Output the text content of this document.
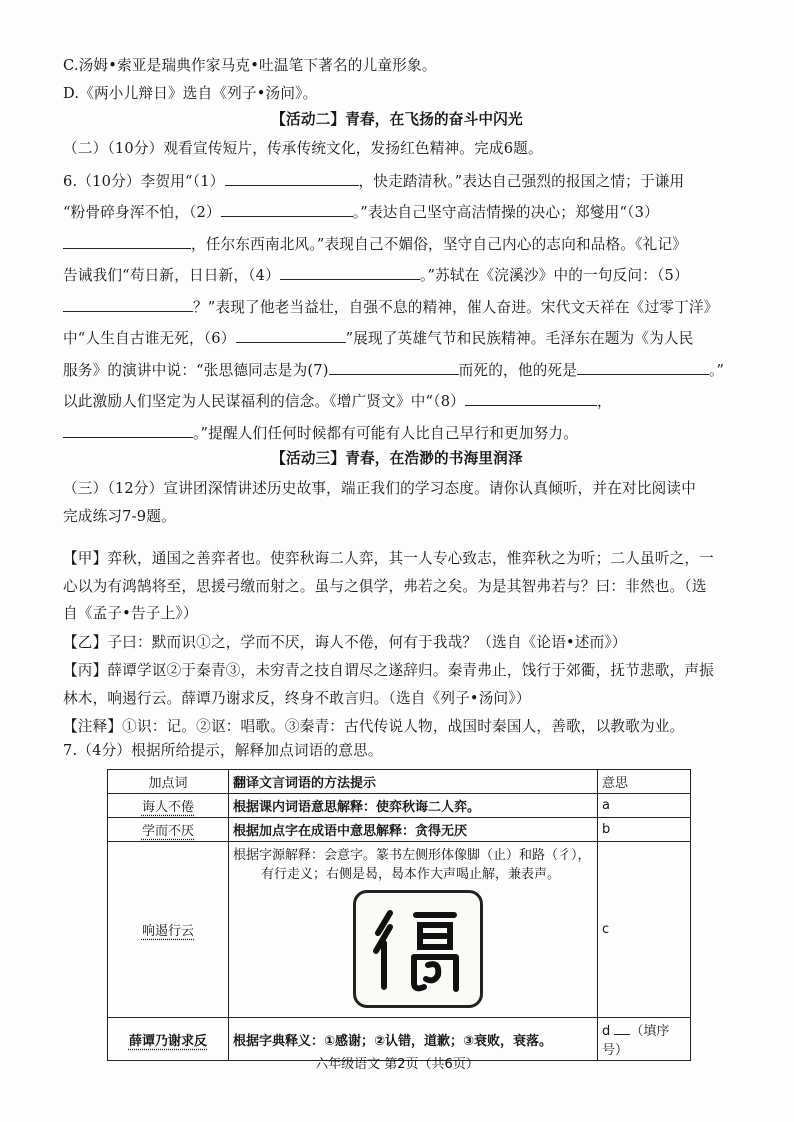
C.汤姆•索亚是瑞典作家马克•吐温笔下著名的儿童形象。
D.《两小儿辩日》选自《列子•汤问》。
【活动二】青春，在飞扬的奋斗中闪光
（二）（10分）观看宣传短片，传承传统文化，发扬红色精神。完成6题。
6.（10分）李贺用“（1）	，快走踏清秋。”表达自己强烈的报国之情；于谦用
“粉骨碎身浑不怕，（2）	。”表达自己坚守高洁情操的决心；郑燮用“（3）
，任尔东西南北风。”表现自己不媚俗，坚守自己内心的志向和品格。《礼记》
告诫我们“苟日新，日日新，（4）	。”苏轼在《浣溪沙》中的一句反问：（5）
？”表现了他老当益壮，自强不息的精神，催人奋进。宋代文天祥在《过零丁洋》
中“人生自古谁无死，（6）	”展现了英雄气节和民族精神。毛泽东在题为《为人民
服务》的演讲中说：“张思德同志是为(7)	而死的，他的死是	。”
以此激励人们坚定为人民谋福利的信念。《增广贤文》中“（8）	，
。”提醒人们任何时候都有可能有人比自己早行和更加努力。
【活动三】青春，在浩渺的书海里润泽
（三）（12分）宣讲团深情讲述历史故事，端正我们的学习态度。请你认真倾听，并在对比阅读中
完成练习7-9题。
【甲】弈秋，通国之善弈者也。使弈秋诲二人弈，其一人专心致志，惟弈秋之为听；二人虽听之，一
心以为有鸿鹄将至，思援弓缴而射之。虽与之俱学，弗若之矣。为是其智弗若与？曰：非然也。（选
自《孟子•告子上》）
【乙】子曰：默而识①之，学而不厌，诲人不倦，何有于我哉？（选自《论语•述而》）
【丙】薛谭学讴②于秦青③，未穷青之技自谓尽之遂辞归。秦青弗止，饯行于郊衢，抚节悲歌，声振
林木，响遏行云。薛谭乃谢求反，终身不敢言归。（选自《列子•汤问》）
【注释】①识：记。②讴：唱歌。③秦青：古代传说人物，战国时秦国人，善歌，以教歌为业。
7.（4分）根据所给提示，解释加点词语的意思。
加点词	翻译文言词语的方法提示	意思
诲人不倦	根据课内词语意思解释：使弈秋诲二人弈。	a
学而不厌	根据加点字在成语中意思解释：贪得无厌	b
响遏行云	根据字源解释：会意字。篆书左侧形体像脚（止）和路（彳），
有行走义；右侧是曷，曷本作大声喝止解，兼表声。	c
薛谭乃谢求反	根据字典释义：①感谢；②认错，道歉；③衰败，衰落。	d （填序号）
六年级语文 第2页（共6页）
